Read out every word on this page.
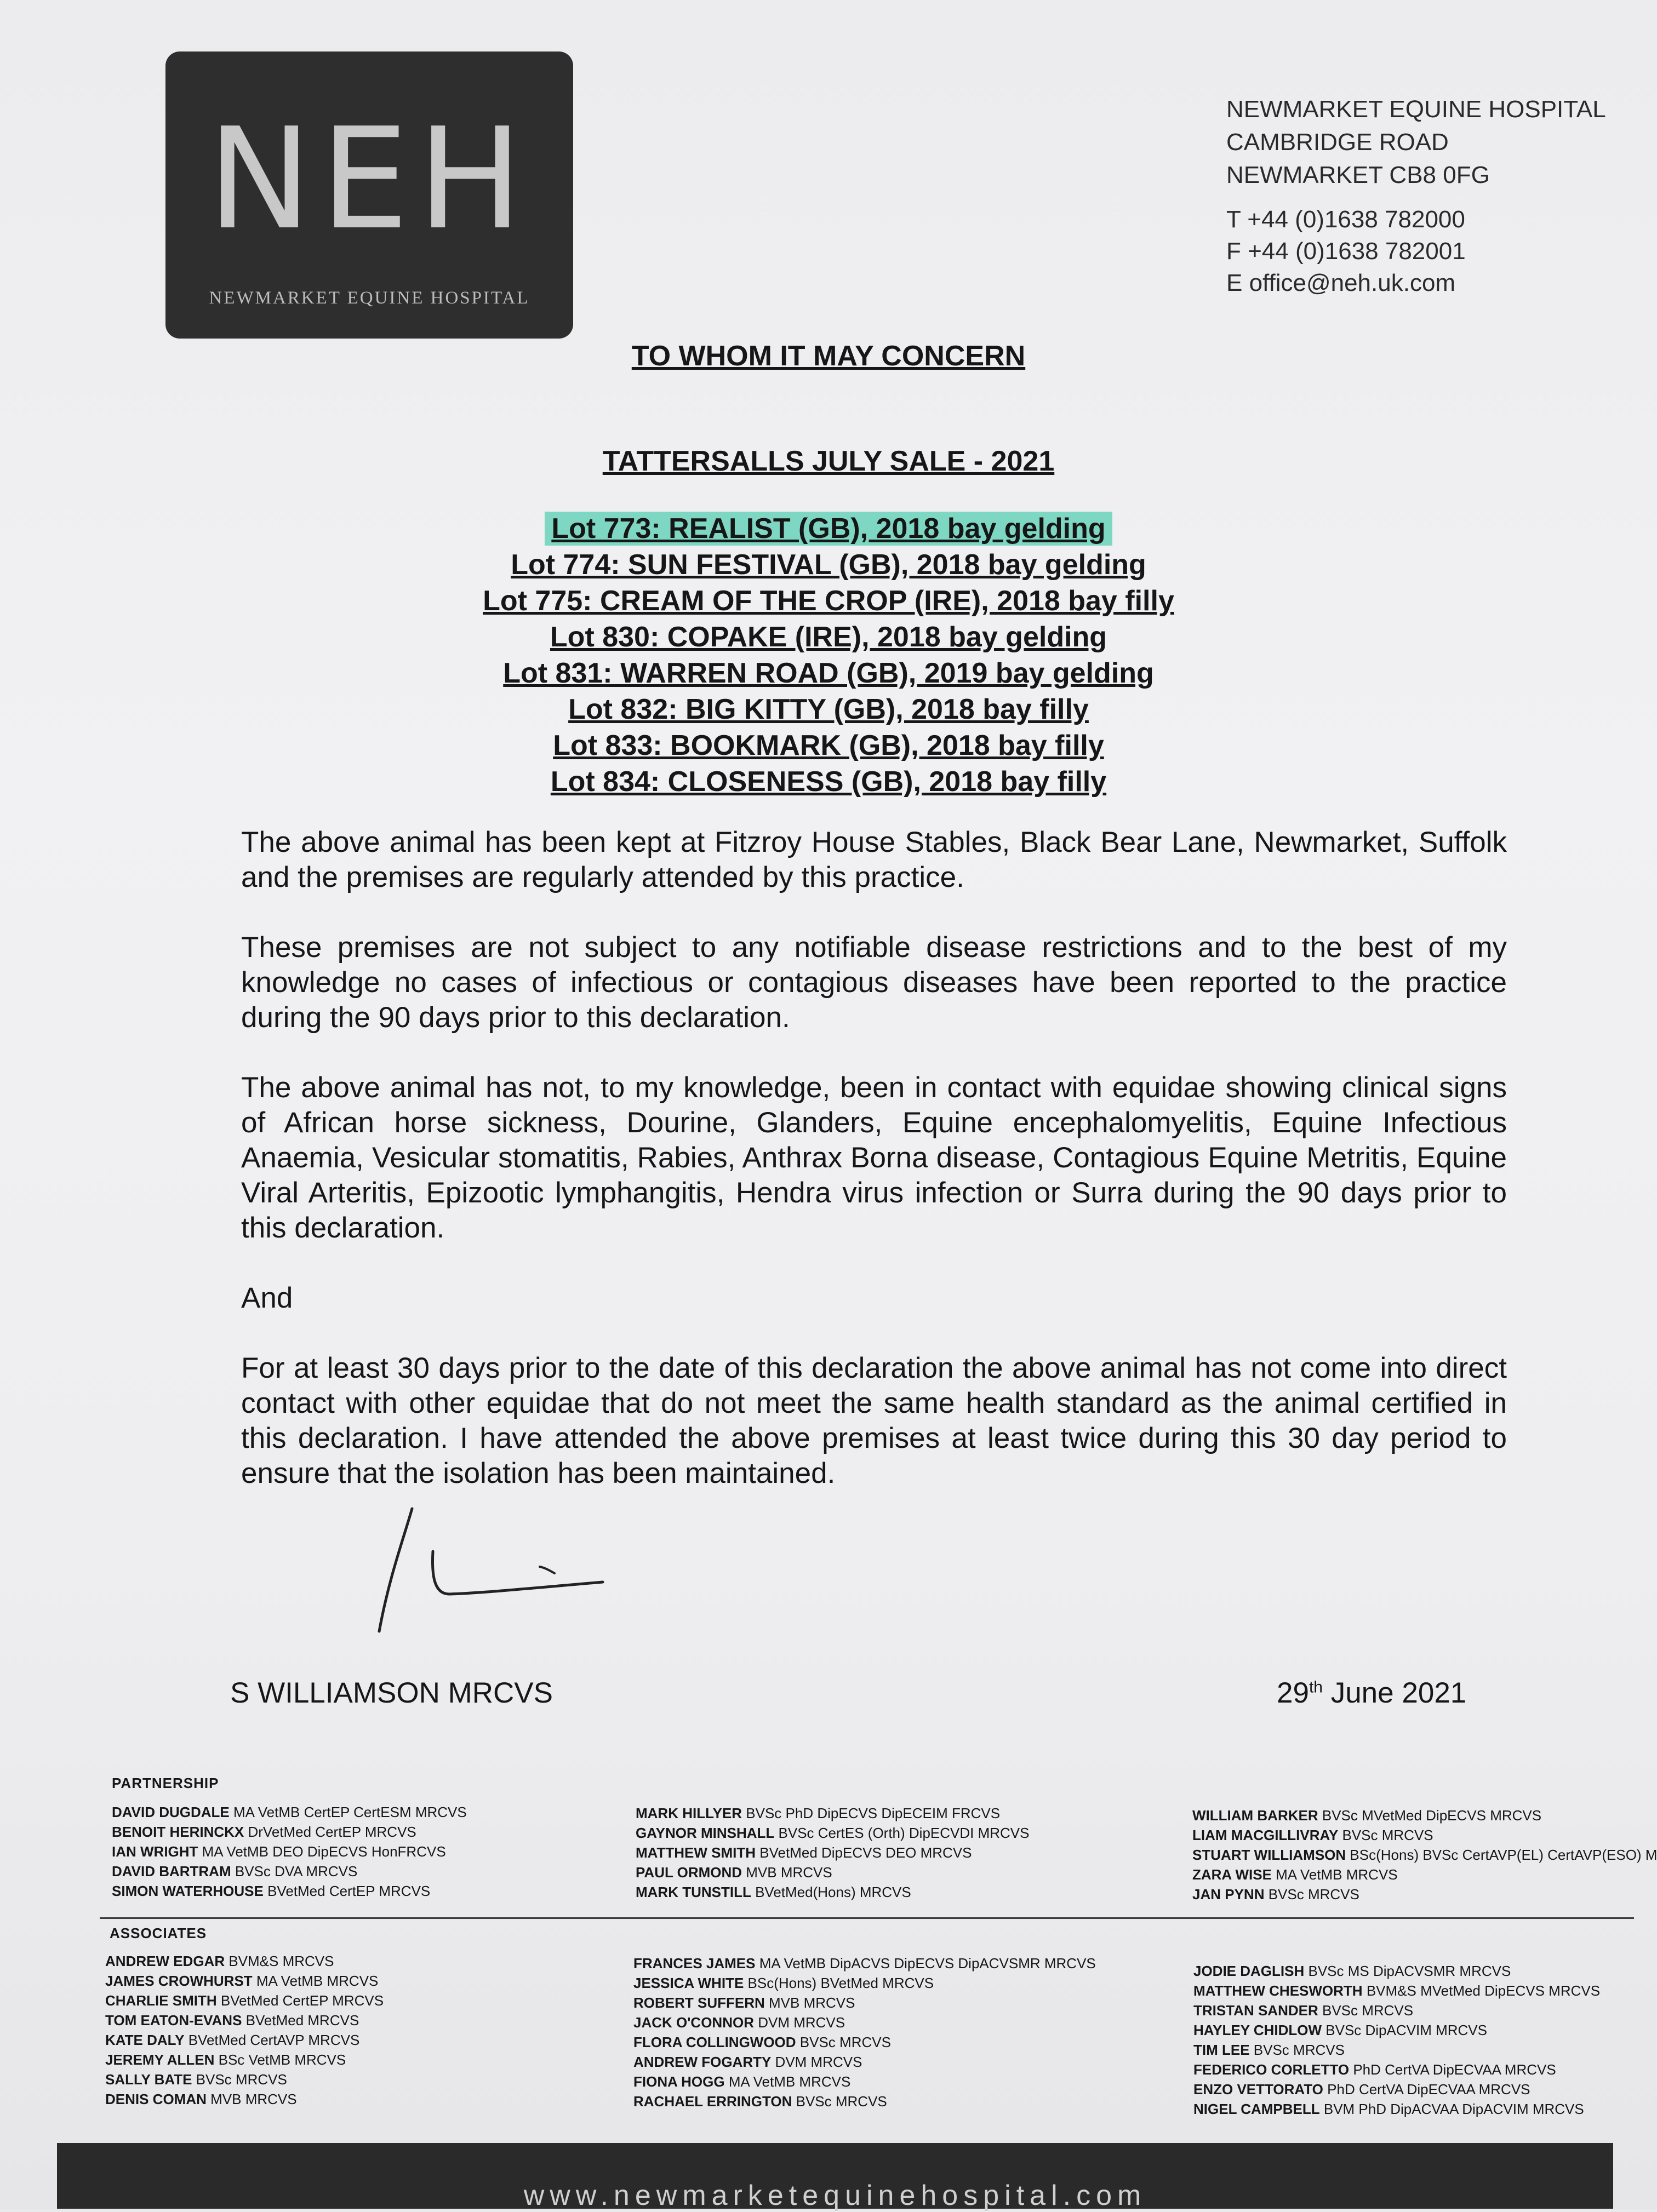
NEH
NEWMARKET EQUINE HOSPITAL
NEWMARKET EQUINE HOSPITAL
CAMBRIDGE ROAD
NEWMARKET CB8 0FG
T +44 (0)1638 782000
F +44 (0)1638 782001
E office@neh.uk.com
TO WHOM IT MAY CONCERN
TATTERSALLS JULY SALE - 2021
Lot 773: REALIST (GB), 2018 bay gelding
Lot 774: SUN FESTIVAL (GB), 2018 bay gelding
Lot 775: CREAM OF THE CROP (IRE), 2018 bay filly
Lot 830: COPAKE (IRE), 2018 bay gelding
Lot 831: WARREN ROAD (GB), 2019 bay gelding
Lot 832: BIG KITTY (GB), 2018 bay filly
Lot 833: BOOKMARK (GB), 2018 bay filly
Lot 834: CLOSENESS (GB), 2018 bay filly

The above animal has been kept at Fitzroy House Stables, Black Bear Lane, Newmarket, Suffolk and the premises are regularly attended by this practice.

These premises are not subject to any notifiable disease restrictions and to the best of my knowledge no cases of infectious or contagious diseases have been reported to the practice during the 90 days prior to this declaration.

The above animal has not, to my knowledge, been in contact with equidae showing clinical signs of African horse sickness, Dourine, Glanders, Equine encephalomyelitis, Equine Infectious Anaemia, Vesicular stomatitis, Rabies, Anthrax Borna disease, Contagious Equine Metritis, Equine Viral Arteritis, Epizootic lymphangitis, Hendra virus infection or Surra during the 90 days prior to this declaration.

And

For at least 30 days prior to the date of this declaration the above animal has not come into direct contact with other equidae that do not meet the same health standard as the animal certified in this declaration. I have attended the above premises at least twice during this 30 day period to ensure that the isolation has been maintained.

S WILLIAMSON MRCVS	29th June 2021
PARTNERSHIP
DAVID DUGDALE MA VetMB CertEP CertESM MRCVS
BENOIT HERINCKX DrVetMed CertEP MRCVS
IAN WRIGHT MA VetMB DEO DipECVS HonFRCVS
DAVID BARTRAM BVSc DVA MRCVS
SIMON WATERHOUSE BVetMed CertEP MRCVS
MARK HILLYER BVSc PhD DipECVS DipECEIM FRCVS
GAYNOR MINSHALL BVSc CertES (Orth) DipECVDI MRCVS
MATTHEW SMITH BVetMed DipECVS DEO MRCVS
PAUL ORMOND MVB MRCVS
MARK TUNSTILL BVetMed(Hons) MRCVS
WILLIAM BARKER BVSc MVetMed DipECVS MRCVS
LIAM MACGILLIVRAY BVSc MRCVS
STUART WILLIAMSON BSc(Hons) BVSc CertAVP(EL) CertAVP(ESO) M
ZARA WISE MA VetMB MRCVS
JAN PYNN BVSc MRCVS
ASSOCIATES
ANDREW EDGAR BVM&S MRCVS
JAMES CROWHURST MA VetMB MRCVS
CHARLIE SMITH BVetMed CertEP MRCVS
TOM EATON-EVANS BVetMed MRCVS
KATE DALY BVetMed CertAVP MRCVS
JEREMY ALLEN BSc VetMB MRCVS
SALLY BATE BVSc MRCVS
DENIS COMAN MVB MRCVS
FRANCES JAMES MA VetMB DipACVS DipECVS DipACVSMR MRCVS
JESSICA WHITE BSc(Hons) BVetMed MRCVS
ROBERT SUFFERN MVB MRCVS
JACK O'CONNOR DVM MRCVS
FLORA COLLINGWOOD BVSc MRCVS
ANDREW FOGARTY DVM MRCVS
FIONA HOGG MA VetMB MRCVS
RACHAEL ERRINGTON BVSc MRCVS
JODIE DAGLISH BVSc MS DipACVSMR MRCVS
MATTHEW CHESWORTH BVM&S MVetMed DipECVS MRCVS
TRISTAN SANDER BVSc MRCVS
HAYLEY CHIDLOW BVSc DipACVIM MRCVS
TIM LEE BVSc MRCVS
FEDERICO CORLETTO PhD CertVA DipECVAA MRCVS
ENZO VETTORATO PhD CertVA DipECVAA MRCVS
NIGEL CAMPBELL BVM PhD DipACVAA DipACVIM MRCVS
www.newmarketequinehospital.com
